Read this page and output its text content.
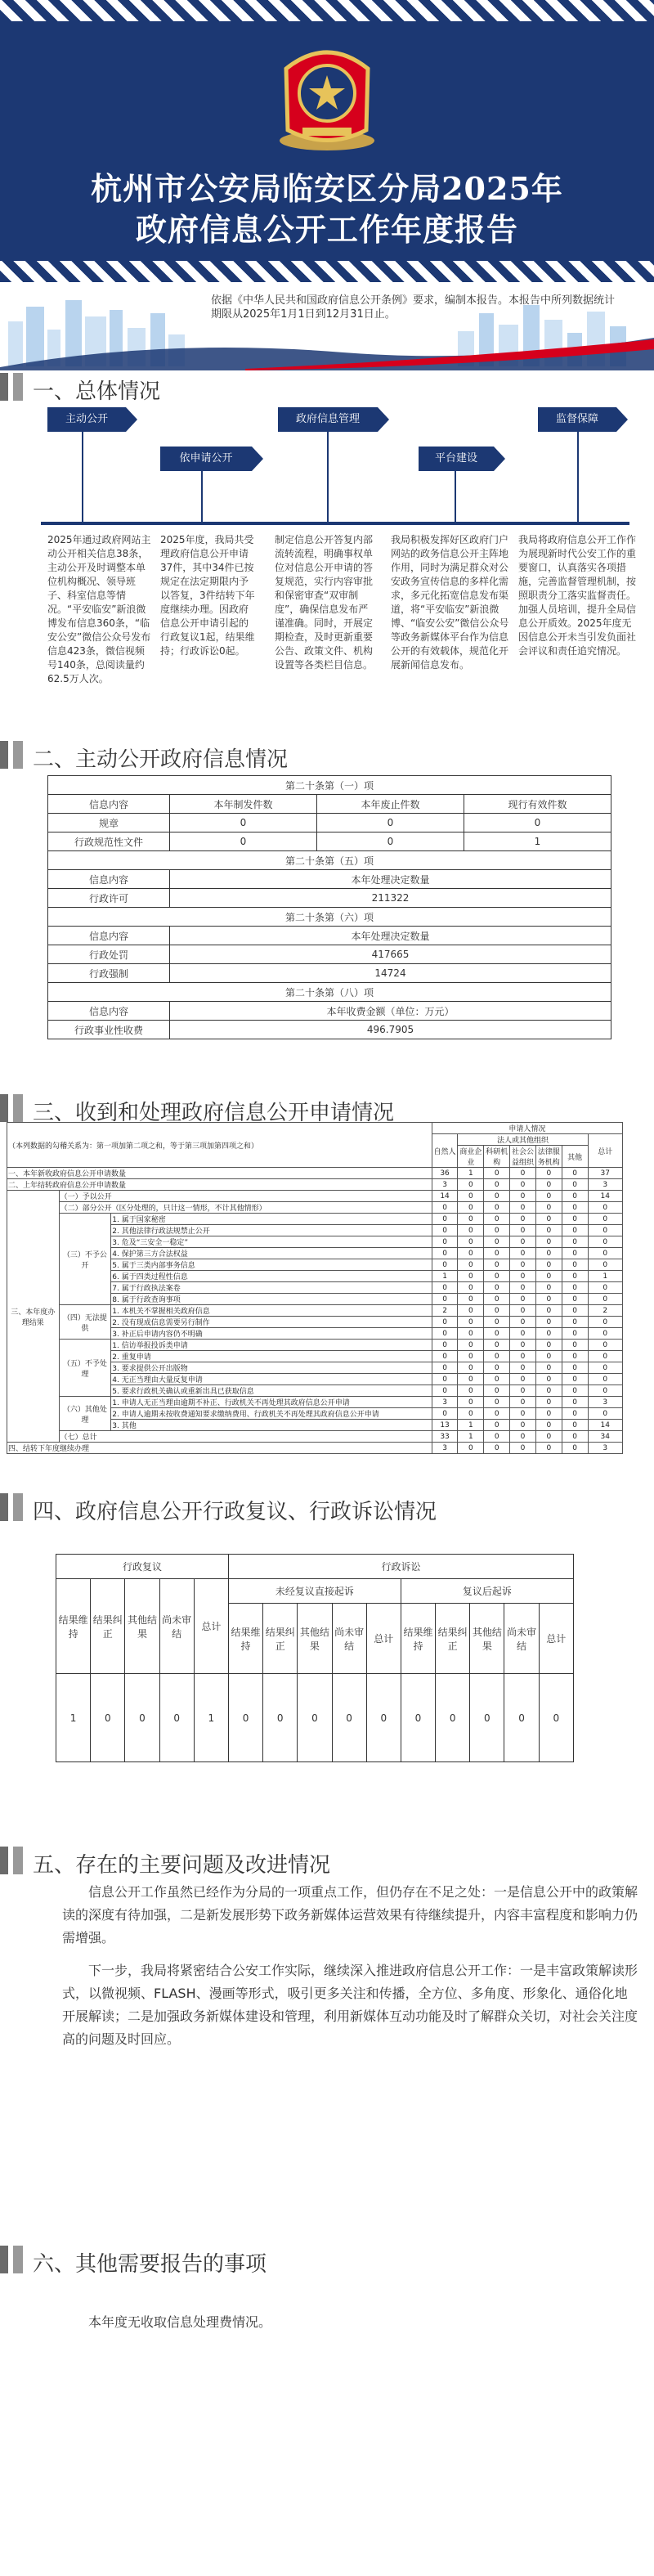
杭州市公安局临安区分局2025年
政府信息公开工作年度报告
依据《中华人民共和国政府信息公开条例》要求，编制本报告。本报告中所列数据统计期限从2025年1月1日到12月31日止。
一、总体情况
主动公开
依申请公开
政府信息管理
平台建设
监督保障
2025年通过政府网站主动公开相关信息38条，主动公开及时调整本单位机构概况、领导班子、科室信息等情况。“平安临安”新浪微博发布信息360条，“临安公安”微信公众号发布信息423条，微信视频号140条，总阅读量约62.5万人次。
2025年度，我局共受理政府信息公开申请37件，其中34件已按规定在法定期限内予以答复，3件结转下年度继续办理。因政府信息公开申请引起的行政复议1起，结果维持；行政诉讼0起。
制定信息公开答复内部流转流程，明确事权单位对信息公开申请的答复规范，实行内容审批和保密审查“双审制度”，确保信息发布严谨准确。同时，开展定期检查，及时更新重要公告、政策文件、机构设置等各类栏目信息。
我局积极发挥好区政府门户网站的政务信息公开主阵地作用，同时为满足群众对公安政务宣传信息的多样化需求，多元化拓宽信息发布渠道，将“平安临安”新浪微博、“临安公安”微信公众号等政务新媒体平台作为信息公开的有效载体，规范化开展新闻信息发布。
我局将政府信息公开工作作为展现新时代公安工作的重要窗口，认真落实各项措施，完善监督管理机制，按照职责分工落实监督责任。加强人员培训，提升全局信息公开质效。2025年度无因信息公开未当引发负面社会评议和责任追究情况。
二、主动公开政府信息情况
第二十条第（一）项			
信息内容	本年制发件数	本年废止件数	现行有效件数
规章	0	0	0
行政规范性文件	0	0	1
第二十条第（五）项			
信息内容	本年处理决定数量		
行政许可	211322		
第二十条第（六）项			
信息内容	本年处理决定数量		
行政处罚	417665		
行政强制	14724		
第二十条第（八）项			
信息内容	本年收费金额（单位：万元）		
行政事业性收费	496.7905		
三、收到和处理政府信息公开申请情况
（本列数据的勾稽关系为：第一项加第二项之和，等于第三项加第四项之和）			申请人情况						
			自然人	法人或其他组织					总计
				商业企业	科研机构	社会公益组织	法律服务机构	其他	
一、本年新收政府信息公开申请数量			36	1	0	0	0	0	37
二、上年结转政府信息公开申请数量			3	0	0	0	0	0	3
三、本年度办理结果	（一）予以公开		14	0	0	0	0	0	14
	（二）部分公开（区分处理的，只计这一情形，不计其他情形）		0	0	0	0	0	0	0
	（三）不予公开	1. 属于国家秘密	0	0	0	0	0	0	0
		2. 其他法律行政法规禁止公开	0	0	0	0	0	0	0
		3. 危及“三安全一稳定”	0	0	0	0	0	0	0
		4. 保护第三方合法权益	0	0	0	0	0	0	0
		5. 属于三类内部事务信息	0	0	0	0	0	0	0
		6. 属于四类过程性信息	1	0	0	0	0	0	1
		7. 属于行政执法案卷	0	0	0	0	0	0	0
		8. 属于行政查询事项	0	0	0	0	0	0	0
	（四）无法提供	1. 本机关不掌握相关政府信息	2	0	0	0	0	0	2
		2. 没有现成信息需要另行制作	0	0	0	0	0	0	0
		3. 补正后申请内容仍不明确	0	0	0	0	0	0	0
	（五）不予处理	1. 信访举报投诉类申请	0	0	0	0	0	0	0
		2. 重复申请	0	0	0	0	0	0	0
		3. 要求提供公开出版物	0	0	0	0	0	0	0
		4. 无正当理由大量反复申请	0	0	0	0	0	0	0
		5. 要求行政机关确认或重新出具已获取信息	0	0	0	0	0	0	0
	（六）其他处理	1. 申请人无正当理由逾期不补正、行政机关不再处理其政府信息公开申请	3	0	0	0	0	0	3
		2. 申请人逾期未按收费通知要求缴纳费用、行政机关不再处理其政府信息公开申请	0	0	0	0	0	0	0
		3. 其他	13	1	0	0	0	0	14
	（七）总计		33	1	0	0	0	0	34
四、结转下年度继续办理			3	0	0	0	0	0	3
四、政府信息公开行政复议、行政诉讼情况
行政复议					行政诉讼									
结果维持	结果纠正	其他结果	尚未审结	总计	未经复议直接起诉					复议后起诉				
					结果维持	结果纠正	其他结果	尚未审结	总计	结果维持	结果纠正	其他结果	尚未审结	总计
1	0	0	0	1	0	0	0	0	0	0	0	0	0	0
五、存在的主要问题及改进情况
信息公开工作虽然已经作为分局的一项重点工作，但仍存在不足之处：一是信息公开中的政策解读的深度有待加强，二是新发展形势下政务新媒体运营效果有待继续提升，内容丰富程度和影响力仍需增强。
下一步，我局将紧密结合公安工作实际，继续深入推进政府信息公开工作：一是丰富政策解读形式，以微视频、FLASH、漫画等形式，吸引更多关注和传播，全方位、多角度、形象化、通俗化地开展解读；二是加强政务新媒体建设和管理，利用新媒体互动功能及时了解群众关切，对社会关注度高的问题及时回应。
六、其他需要报告的事项
本年度无收取信息处理费情况。
